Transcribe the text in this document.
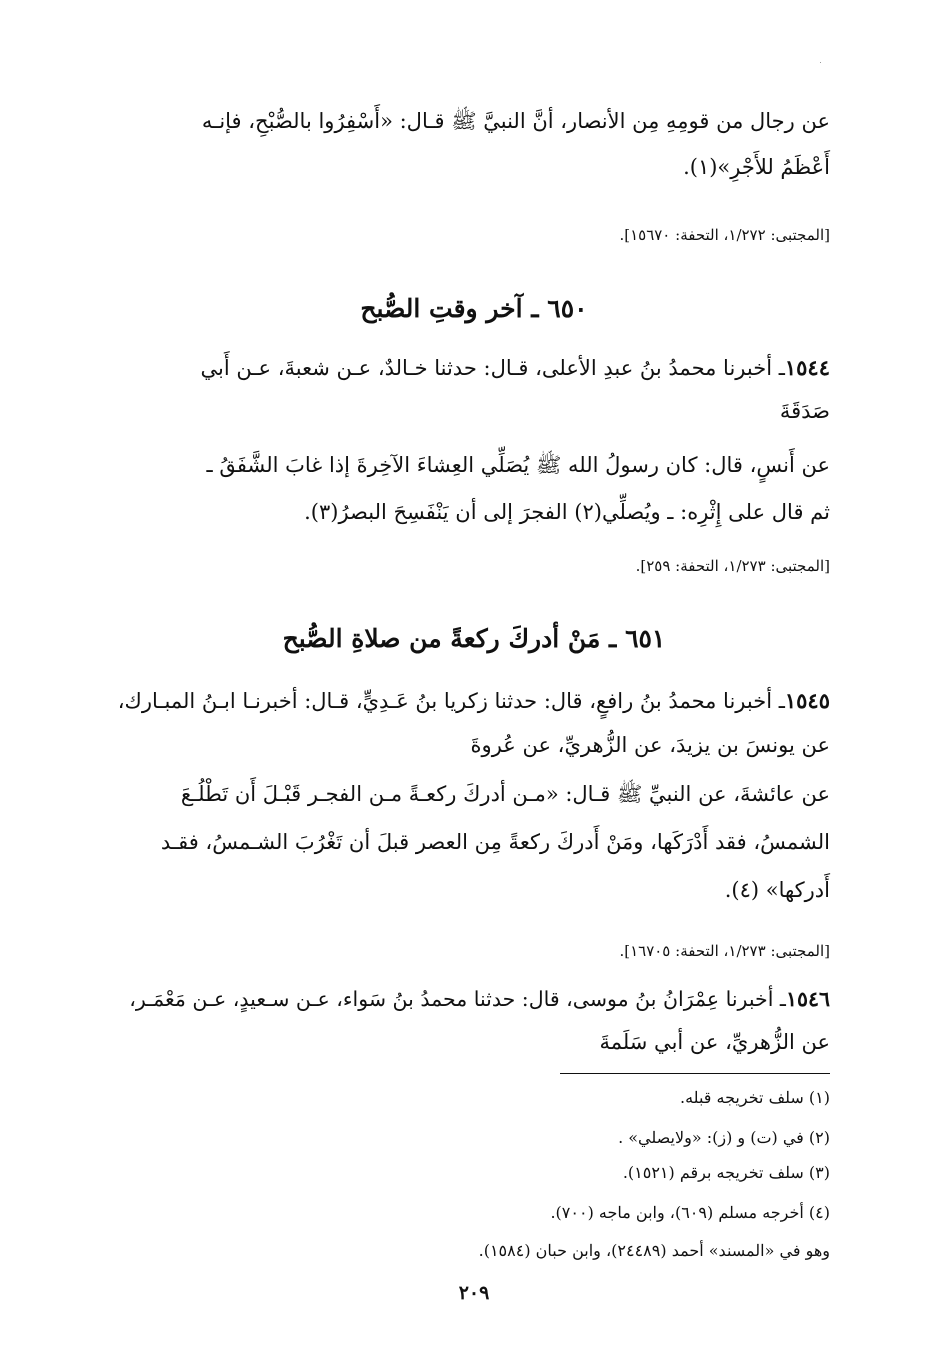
عن رجال من قومِهِ مِن الأنصار، أنَّ النبيَّ ﷺ قـال: «أَسْفِرُوا بالصُّبْحِ، فإنـه
أَعْظَمُ للأَجْرِ»(١).
[المجتبى: ١/٢٧٢، التحفة: ١٥٦٧٠].
٦٥٠ ـ آخر وقتِ الصُّبح
١٥٤٤ـ أخبرنا محمدُ بنُ عبدِ الأعلى، قـال: حدثنا خـالدٌ، عـن شعبةَ، عـن أَبي
صَدَقَةَ
عن أَنسٍ، قال: كان رسولُ الله ﷺ يُصَلِّي العِشاءَ الآخِرةَ إذا غابَ الشَّفَقُ ـ
ثم قال على إِثْرِه: ـ ويُصلِّي(٢) الفجرَ إلى أن يَنْفَسِحَ البصرُ(٣).
[المجتبى: ١/٢٧٣، التحفة: ٢٥٩].
٦٥١ ـ مَنْ أدركَ ركعةً من صلاةِ الصُّبح
١٥٤٥ـ أخبرنا محمدُ بنُ رافعٍ، قال: حدثنا زكريا بنُ عَـدِيٍّ، قـال: أخبرنـا ابـنُ المبـارك،
عن يونسَ بن يزيدَ، عن الزُّهريِّ، عن عُروةَ
عن عائشةَ، عن النبيِّ ﷺ قـال: «مـن أدركَ ركعـةً مـن الفجـر قَبْـلَ أَن تَطْلُـعَ
الشمسُ، فقد أَدْرَكَها، ومَنْ أَدركَ ركعةً مِن العصر قبلَ أن تَغْرُبَ الشـمسُ، فقـد
أَدركها» (٤).
[المجتبى: ١/٢٧٣، التحفة: ١٦٧٠٥].
١٥٤٦ـ أخبرنا عِمْرَانُ بنُ موسى، قال: حدثنا محمدُ بنُ سَواء، عـن سـعيدٍ، عـن مَعْمَـر،
عن الزُّهريِّ، عن أبي سَلَمةَ
(١) سلف تخريجه قبله.
(٢) في (ت) و (ز): «ولايصلي» .
(٣) سلف تخريجه برقم (١٥٢١).
(٤) أخرجه مسلم (٦٠٩)، وابن ماجه (٧٠٠).
وهو في «المسند» أحمد (٢٤٤٨٩)، وابن حبان (١٥٨٤).
٢٠٩
